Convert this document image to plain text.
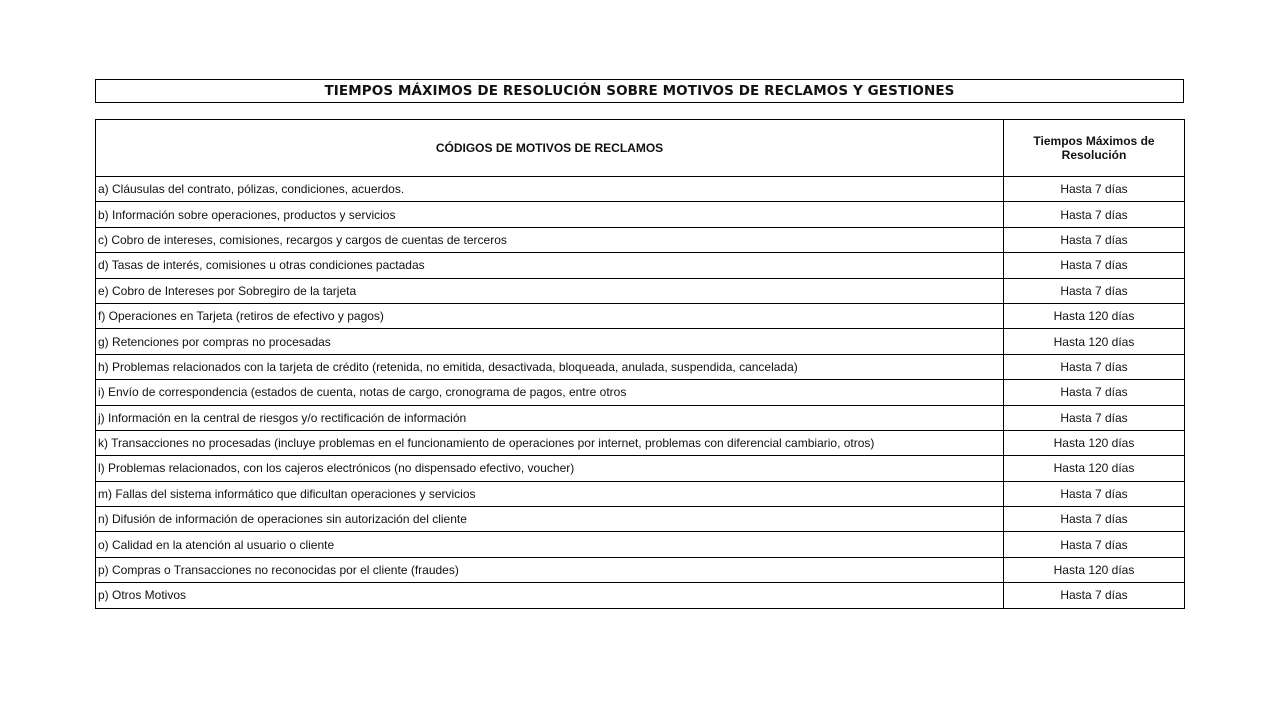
TIEMPOS MÁXIMOS DE RESOLUCIÓN SOBRE MOTIVOS DE RECLAMOS Y GESTIONES
CÓDIGOS DE MOTIVOS DE RECLAMOS	Tiempos Máximos de Resolución
a) Cláusulas del contrato, pólizas, condiciones, acuerdos.	Hasta 7 días
b) Información sobre operaciones, productos y servicios	Hasta 7 días
c) Cobro de intereses, comisiones, recargos y cargos de cuentas de terceros	Hasta 7 días
d) Tasas de interés, comisiones u otras condiciones pactadas	Hasta 7 días
e) Cobro de Intereses por Sobregiro de la tarjeta	Hasta 7 días
f) Operaciones en Tarjeta (retiros de efectivo y pagos)	Hasta 120 días
g) Retenciones por compras no procesadas	Hasta 120 días
h) Problemas relacionados con la tarjeta de crédito (retenida, no emitida, desactivada, bloqueada, anulada, suspendida, cancelada)	Hasta 7 días
i) Envío de correspondencia (estados de cuenta, notas de cargo, cronograma de pagos, entre otros	Hasta 7 días
j) Información en la central de riesgos y/o rectificación de información	Hasta 7 días
k) Transacciones no procesadas (incluye problemas en el funcionamiento de operaciones por internet, problemas con diferencial cambiario, otros)	Hasta 120 días
l) Problemas relacionados, con los cajeros electrónicos (no dispensado efectivo, voucher)	Hasta 120 días
m) Fallas del sistema informático que dificultan operaciones y servicios	Hasta 7 días
n) Difusión de información de operaciones sin autorización del cliente	Hasta 7 días
o) Calidad en la atención al usuario o cliente	Hasta 7 días
p) Compras o Transacciones no reconocidas por el cliente (fraudes)	Hasta 120 días
p) Otros Motivos	Hasta 7 días
